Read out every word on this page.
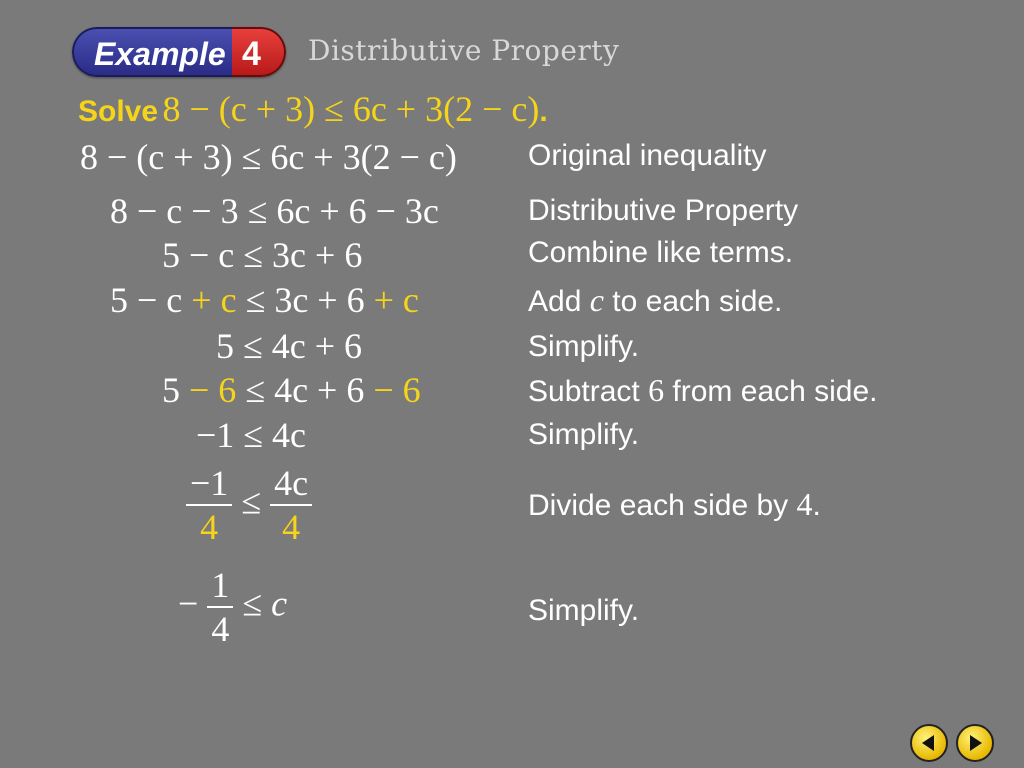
Example 4	Distributive Property
Solve 8 − (c + 3) ≤ 6c + 3(2 − c).
8 − (c + 3) ≤ 6c + 3(2 − c) Original inequality
8 − c − 3 ≤ 6c + 6 − 3c	Distributive Property
5 − c ≤ 3c + 6	Combine like terms.
5 − c + c ≤ 3c + 6 + c	Add c to each side.
5 ≤ 4c + 6	Simplify.
5 − 6 ≤ 4c + 6 − 6	Subtract 6 from each side.
−1 ≤ 4c	Simplify.
$\frac{-1}{4} \le \frac{4c}{4}$	Divide each side by 4.
− $\frac{1}{4} \le c$	Simplify.
